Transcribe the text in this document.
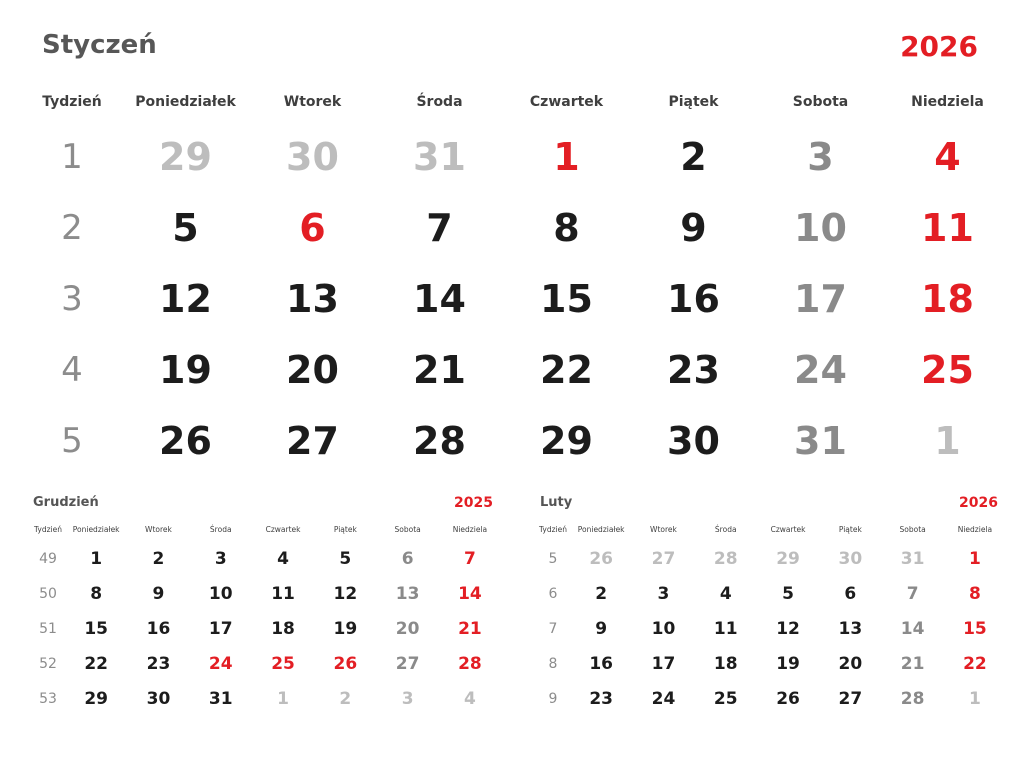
Styczeń	2026
Tydzień	Poniedziałek	Wtorek	Środa	Czwartek	Piątek	Sobota	Niedziela
1	29	30	31	1	2	3	4
2	5	6	7	8	9	10	11
3	12	13	14	15	16	17	18
4	19	20	21	22	23	24	25
5	26	27	28	29	30	31	1
Grudzień	2025
Tydzień	Poniedziałek	Wtorek	Środa	Czwartek	Piątek	Sobota	Niedziela
49	1	2	3	4	5	6	7
50	8	9	10	11	12	13	14
51	15	16	17	18	19	20	21
52	22	23	24	25	26	27	28
53	29	30	31	1	2	3	4
Luty	2026
Tydzień	Poniedziałek	Wtorek	Środa	Czwartek	Piątek	Sobota	Niedziela
5	26	27	28	29	30	31	1
6	2	3	4	5	6	7	8
7	9	10	11	12	13	14	15
8	16	17	18	19	20	21	22
9	23	24	25	26	27	28	1
